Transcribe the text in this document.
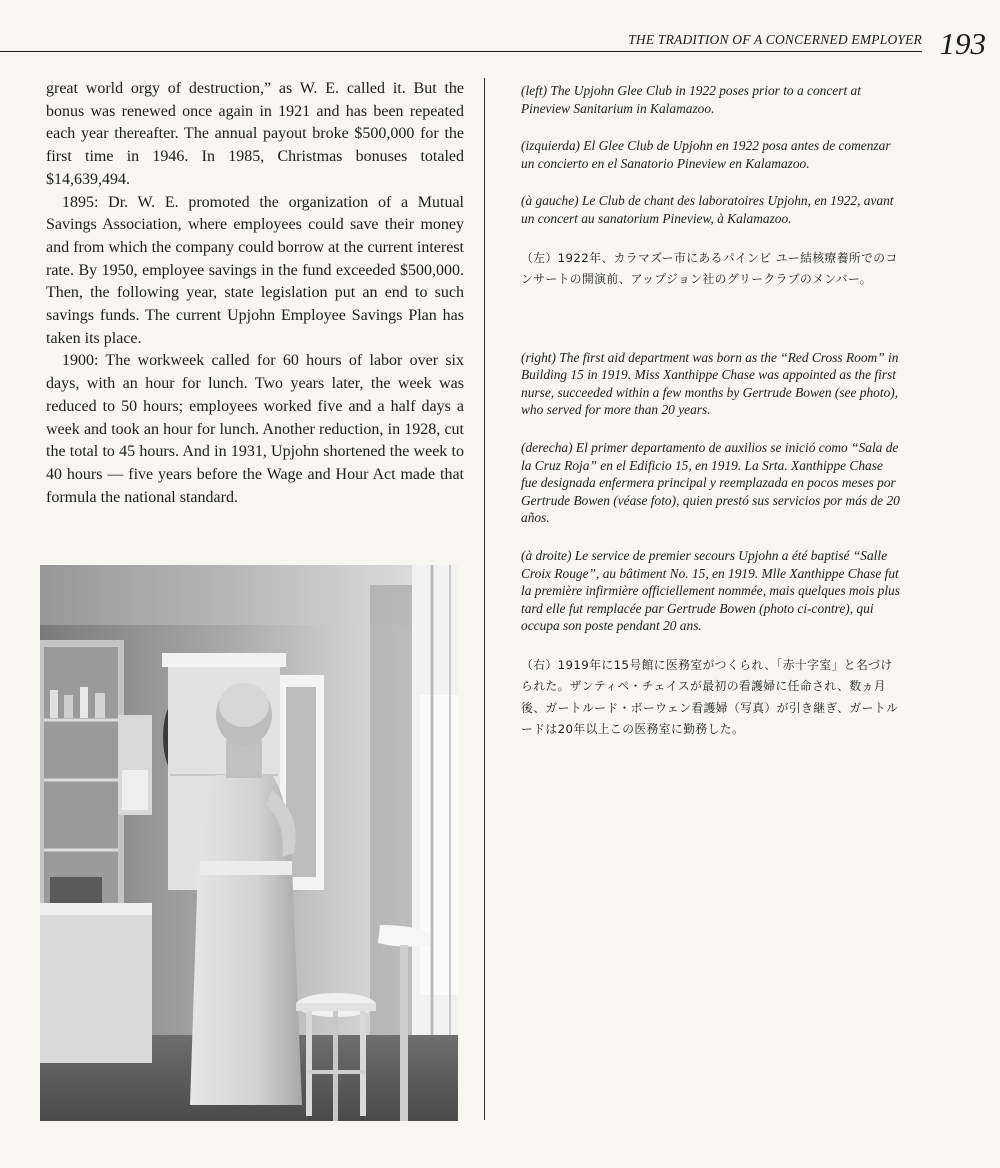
THE TRADITION OF A CONCERNED EMPLOYER 193

great world orgy of destruction,” as W. E. called it. But the bonus was renewed once again in 1921 and has been repeated each year thereafter. The annual payout broke $500,000 for the first time in 1946. In 1985, Christmas bonuses totaled $14,639,494.

1895: Dr. W. E. promoted the organization of a Mutual Savings Association, where employees could save their money and from which the company could borrow at the current interest rate. By 1950, employee savings in the fund exceeded $500,000. Then, the following year, state legislation put an end to such savings funds. The current Upjohn Employee Savings Plan has taken its place.

1900: The workweek called for 60 hours of labor over six days, with an hour for lunch. Two years later, the week was reduced to 50 hours; employees worked five and a half days a week and took an hour for lunch. Another reduction, in 1928, cut the total to 45 hours. And in 1931, Upjohn shortened the week to 40 hours — five years before the Wage and Hour Act made that formula the national standard.

(left) The Upjohn Glee Club in 1922 poses prior to a concert at Pineview Sanitarium in Kalamazoo.

(izquierda) El Glee Club de Upjohn en 1922 posa antes de comenzar un concierto en el Sanatorio Pineview en Kalamazoo.

(à gauche) Le Club de chant des laboratoires Upjohn, en 1922, avant un concert au sanatorium Pineview, à Kalamazoo.

（左）1922年、カラマズー市にあるパインビ ユー結核療養所でのコンサートの開演前、アップジョン社のグリークラブのメンバー。

(right) The first aid department was born as the “Red Cross Room” in Building 15 in 1919. Miss Xanthippe Chase was appointed as the first nurse, succeeded within a few months by Gertrude Bowen (see photo), who served for more than 20 years.

(derecha) El primer departamento de auxilios se inició como “Sala de la Cruz Roja” en el Edificio 15, en 1919. La Srta. Xanthippe Chase fue designada enfermera principal y reemplazada en pocos meses por Gertrude Bowen (véase foto), quien prestó sus servicios por más de 20 años.

(à droite) Le service de premier secours Upjohn a été baptisé “Salle Croix Rouge”, au bâtiment No. 15, en 1919. Mlle Xanthippe Chase fut la première infirmière officiellement nommée, mais quelques mois plus tard elle fut remplacée par Gertrude Bowen (photo ci-contre), qui occupa son poste pendant 20 ans.

（右）1919年に15号館に医務室がつくられ、「赤十字室」と名づけられた。ザンティペ・チェイスが最初の看護婦に任命され、数ヵ月後、ガートルード・ボーウェン看護婦（写真）が引き継ぎ、ガートルードは20年以上この医務室に勤務した。
